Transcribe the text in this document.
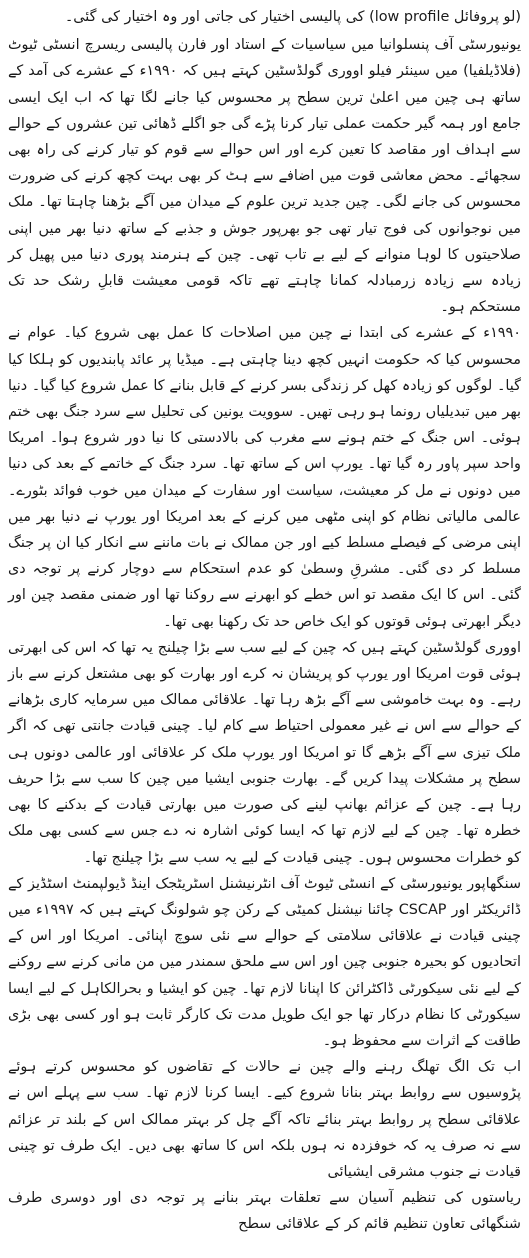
(لو پروفائل low profile) کی پالیسی اختیار کی جاتی اور وہ اختیار کی گئی۔

یونیورسٹی آف پنسلوانیا میں سیاسیات کے استاد اور فارن پالیسی ریسرچ انسٹی ٹیوٹ (فلاڈیلفیا) میں سینئر فیلو اووری گولڈسٹین کہتے ہیں کہ ۱۹۹۰ء کے عشرے کی آمد کے ساتھ ہی چین میں اعلیٰ ترین سطح پر محسوس کیا جانے لگا تھا کہ اب ایک ایسی جامع اور ہمہ گیر حکمت عملی تیار کرنا پڑے گی جو اگلے ڈھائی تین عشروں کے حوالے سے اہداف اور مقاصد کا تعین کرے اور اس حوالے سے قوم کو تیار کرنے کی راہ بھی سجھائے۔ محض معاشی قوت میں اضافے سے ہٹ کر بھی بہت کچھ کرنے کی ضرورت محسوس کی جانے لگی۔ چین جدید ترین علوم کے میدان میں آگے بڑھنا چاہتا تھا۔ ملک میں نوجوانوں کی فوج تیار تھی جو بھرپور جوش و جذبے کے ساتھ دنیا بھر میں اپنی صلاحیتوں کا لوہا منوانے کے لیے بے تاب تھی۔ چین کے ہنرمند پوری دنیا میں پھیل کر زیادہ سے زیادہ زرمبادلہ کمانا چاہتے تھے تاکہ قومی معیشت قابلِ رشک حد تک مستحکم ہو۔

۱۹۹۰ء کے عشرے کی ابتدا نے چین میں اصلاحات کا عمل بھی شروع کیا۔ عوام نے محسوس کیا کہ حکومت انہیں کچھ دینا چاہتی ہے۔ میڈیا پر عائد پابندیوں کو ہلکا کیا گیا۔ لوگوں کو زیادہ کھل کر زندگی بسر کرنے کے قابل بنانے کا عمل شروع کیا گیا۔ دنیا بھر میں تبدیلیاں رونما ہو رہی تھیں۔ سوویت یونین کی تحلیل سے سرد جنگ بھی ختم ہوئی۔ اس جنگ کے ختم ہونے سے مغرب کی بالادستی کا نیا دور شروع ہوا۔ امریکا واحد سپر پاور رہ گیا تھا۔ یورپ اس کے ساتھ تھا۔ سرد جنگ کے خاتمے کے بعد کی دنیا میں دونوں نے مل کر معیشت، سیاست اور سفارت کے میدان میں خوب فوائد بٹورے۔ عالمی مالیاتی نظام کو اپنی مٹھی میں کرنے کے بعد امریکا اور یورپ نے دنیا بھر میں اپنی مرضی کے فیصلے مسلط کیے اور جن ممالک نے بات ماننے سے انکار کیا ان پر جنگ مسلط کر دی گئی۔ مشرقِ وسطیٰ کو عدم استحکام سے دوچار کرنے پر توجہ دی گئی۔ اس کا ایک مقصد تو اس خطے کو ابھرنے سے روکنا تھا اور ضمنی مقصد چین اور دیگر ابھرتی ہوئی قوتوں کو ایک خاص حد تک رکھنا بھی تھا۔

اووری گولڈسٹین کہتے ہیں کہ چین کے لیے سب سے بڑا چیلنج یہ تھا کہ اس کی ابھرتی ہوئی قوت امریکا اور یورپ کو پریشان نہ کرے اور بھارت کو بھی مشتعل کرنے سے باز رہے۔ وہ بہت خاموشی سے آگے بڑھ رہا تھا۔ علاقائی ممالک میں سرمایہ کاری بڑھانے کے حوالے سے اس نے غیر معمولی احتیاط سے کام لیا۔ چینی قیادت جانتی تھی کہ اگر ملک تیزی سے آگے بڑھے گا تو امریکا اور یورپ ملک کر علاقائی اور عالمی دونوں ہی سطح پر مشکلات پیدا کریں گے۔ بھارت جنوبی ایشیا میں چین کا سب سے بڑا حریف رہا ہے۔ چین کے عزائم بھانپ لینے کی صورت میں بھارتی قیادت کے بدکنے کا بھی خطرہ تھا۔ چین کے لیے لازم تھا کہ ایسا کوئی اشارہ نہ دے جس سے کسی بھی ملک کو خطرات محسوس ہوں۔ چینی قیادت کے لیے یہ سب سے بڑا چیلنج تھا۔

سنگھاپور یونیورسٹی کے انسٹی ٹیوٹ آف انٹرنیشنل اسٹریٹجک اینڈ ڈیولپمنٹ اسٹڈیز کے ڈائریکٹر اور CSCAP چائنا نیشنل کمیٹی کے رکن چو شولونگ کہتے ہیں کہ ۱۹۹۷ء میں چینی قیادت نے علاقائی سلامتی کے حوالے سے نئی سوچ اپنائی۔ امریکا اور اس کے اتحادیوں کو بحیرہ جنوبی چین اور اس سے ملحق سمندر میں من مانی کرنے سے روکنے کے لیے نئی سیکورٹی ڈاکٹرائن کا اپنانا لازم تھا۔ چین کو ایشیا و بحرالکاہل کے لیے ایسا سیکورٹی کا نظام درکار تھا جو ایک طویل مدت تک کارگر ثابت ہو اور کسی بھی بڑی طاقت کے اثرات سے محفوظ ہو۔

اب تک الگ تھلگ رہنے والے چین نے حالات کے تقاضوں کو محسوس کرتے ہوئے پڑوسیوں سے روابط بہتر بنانا شروع کیے۔ ایسا کرنا لازم تھا۔ سب سے پہلے اس نے علاقائی سطح پر روابط بہتر بنائے تاکہ آگے چل کر بہتر ممالک اس کے بلند تر عزائم سے نہ صرف یہ کہ خوفزدہ نہ ہوں بلکہ اس کا ساتھ بھی دیں۔ ایک طرف تو چینی قیادت نے جنوب مشرقی ایشیائی

ریاستوں کی تنظیم آسیان سے تعلقات بہتر بنانے پر توجہ دی اور دوسری طرف شنگھائی تعاون تنظیم قائم کر کے علاقائی سطح
